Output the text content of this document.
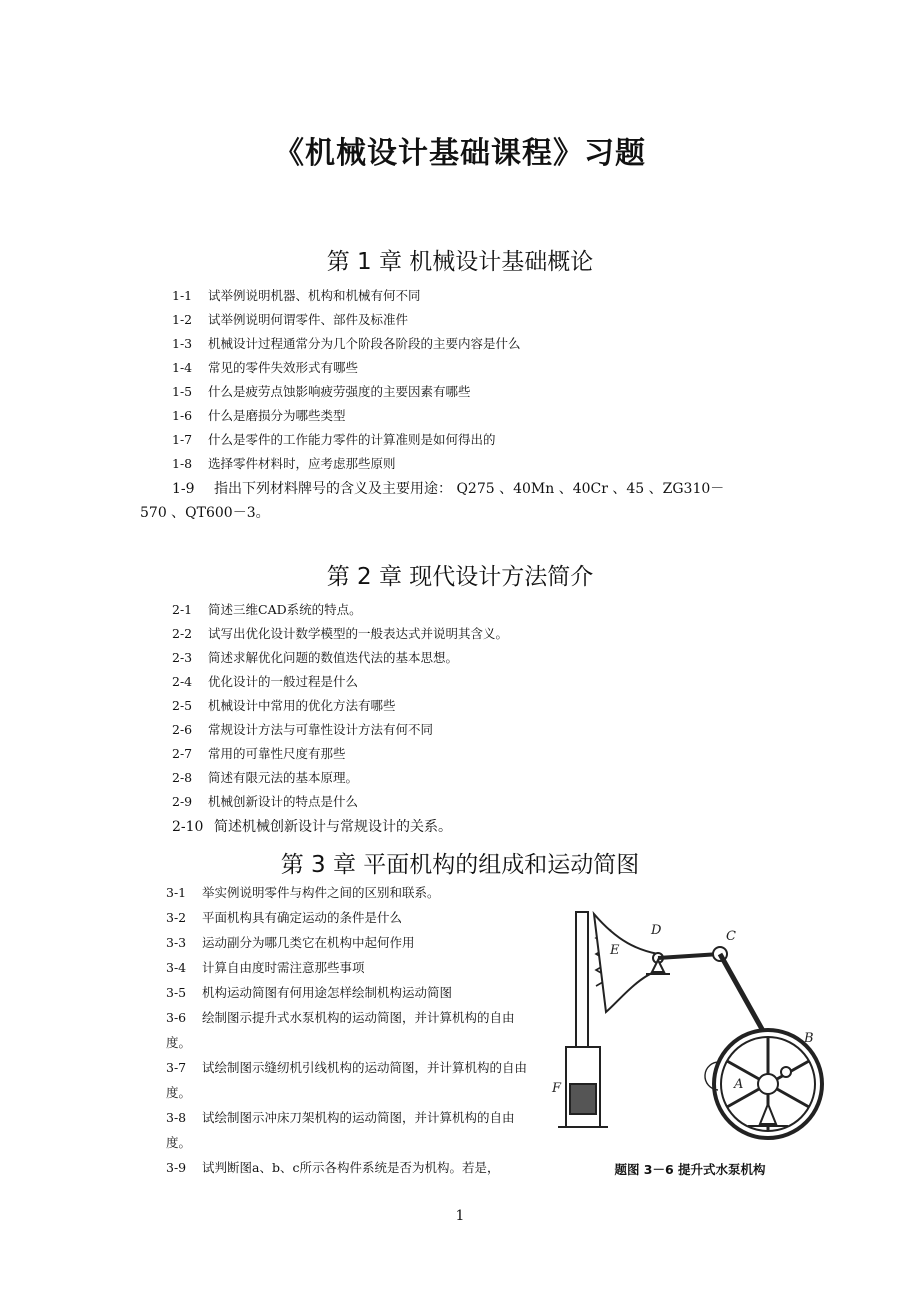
《机械设计基础课程》习题
第 1 章 机械设计基础概论
1-1 试举例说明机器、机构和机械有何不同
1-2 试举例说明何谓零件、部件及标准件
1-3 机械设计过程通常分为几个阶段各阶段的主要内容是什么
1-4 常见的零件失效形式有哪些
1-5 什么是疲劳点蚀影响疲劳强度的主要因素有哪些
1-6 什么是磨损分为哪些类型
1-7 什么是零件的工作能力零件的计算准则是如何得出的
1-8 选择零件材料时，应考虑那些原则
1-9 指出下列材料牌号的含义及主要用途： Q275 、40Mn 、40Cr 、45 、ZG310－
570 、QT600－3。
第 2 章 现代设计方法简介
2-1 简述三维CAD系统的特点。
2-2 试写出优化设计数学模型的一般表达式并说明其含义。
2-3 简述求解优化问题的数值迭代法的基本思想。
2-4 优化设计的一般过程是什么
2-5 机械设计中常用的优化方法有哪些
2-6 常规设计方法与可靠性设计方法有何不同
2-7 常用的可靠性尺度有那些
2-8 简述有限元法的基本原理。
2-9 机械创新设计的特点是什么
2-10 简述机械创新设计与常规设计的关系。
第 3 章 平面机构的组成和运动简图
3-1 举实例说明零件与构件之间的区别和联系。
3-2 平面机构具有确定运动的条件是什么
3-3 运动副分为哪几类它在机构中起何作用
3-4 计算自由度时需注意那些事项
3-5 机构运动简图有何用途怎样绘制机构运动简图
3-6 绘制图示提升式水泵机构的运动简图，并计算机构的自由度。
3-7 试绘制图示缝纫机引线机构的运动简图，并计算机构的自由度。
3-8 试绘制图示冲床刀架机构的运动简图，并计算机构的自由度。
3-9 试判断图a、b、c所示各构件系统是否为机构。若是，
D	C
E
F
B
A
题图 3－6 提升式水泵机构
1
